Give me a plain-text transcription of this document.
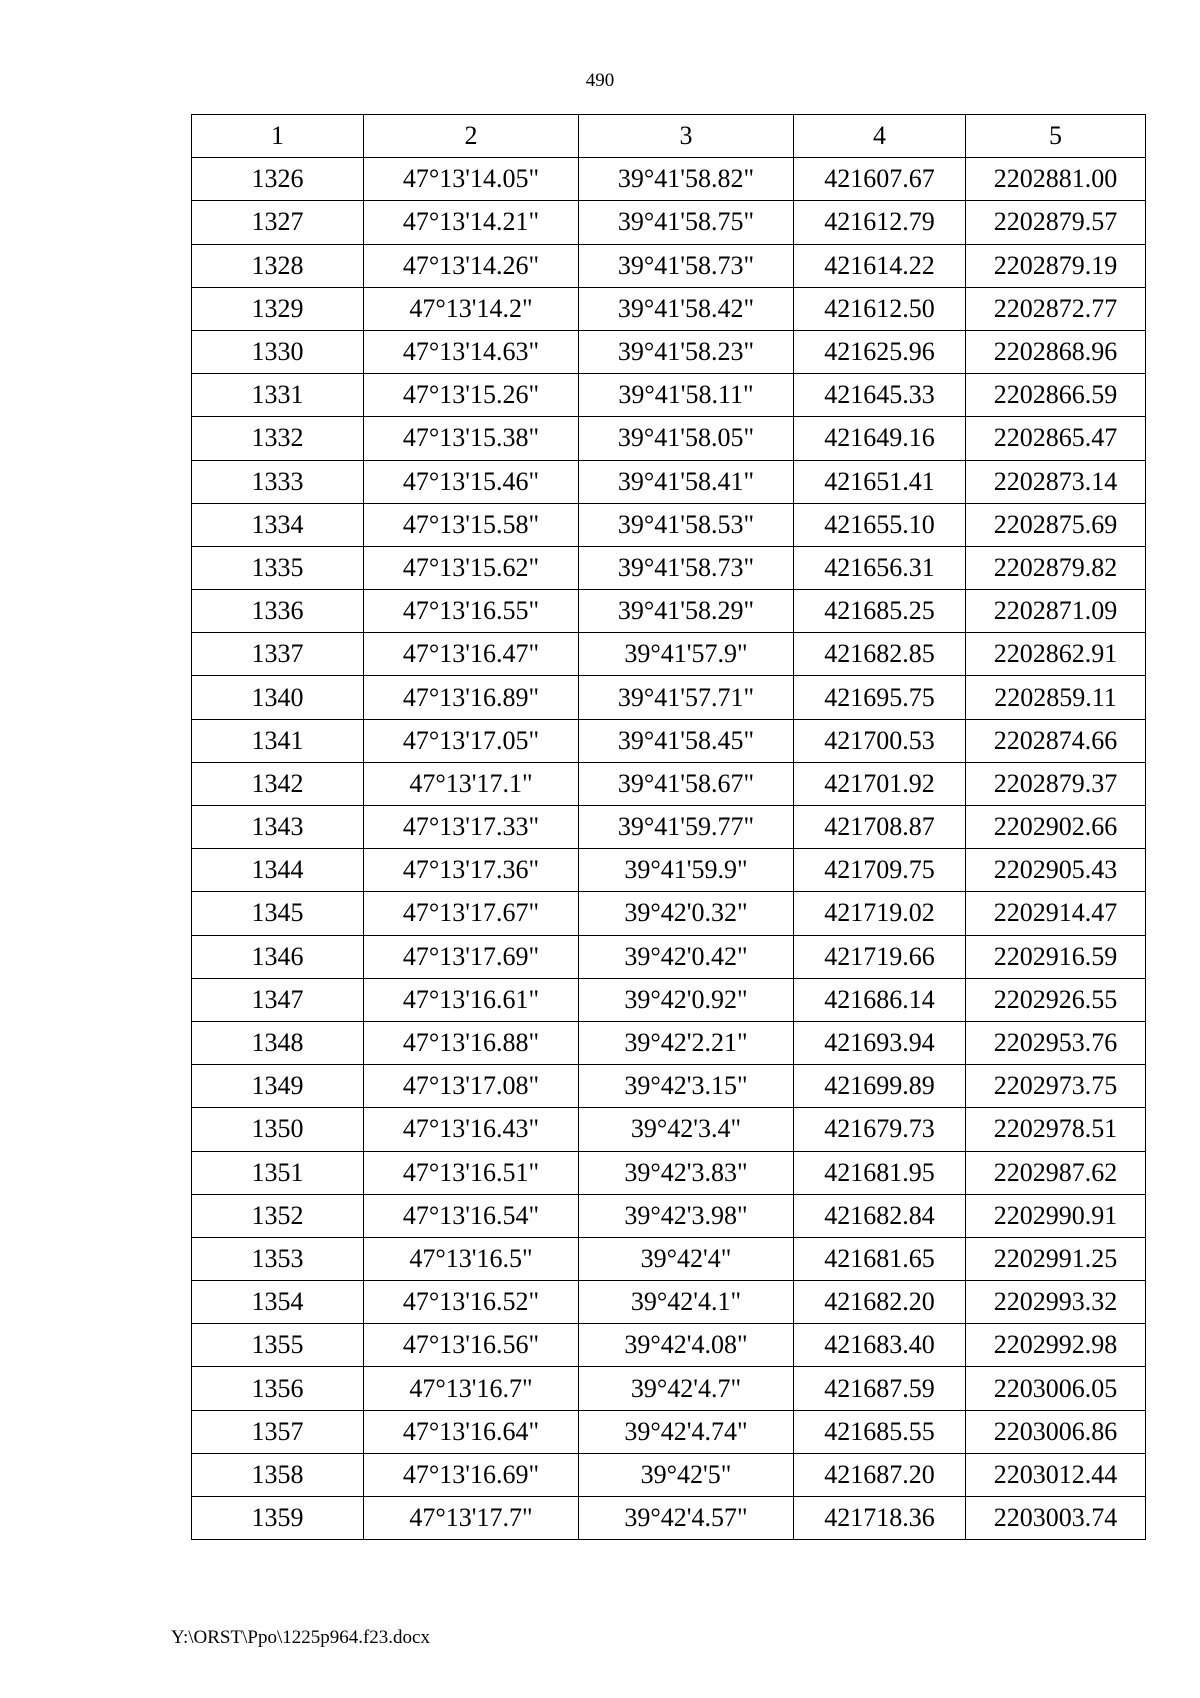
490
1	2	3	4	5
1326	47°13'14.05"	39°41'58.82"	421607.67	2202881.00
1327	47°13'14.21"	39°41'58.75"	421612.79	2202879.57
1328	47°13'14.26"	39°41'58.73"	421614.22	2202879.19
1329	47°13'14.2"	39°41'58.42"	421612.50	2202872.77
1330	47°13'14.63"	39°41'58.23"	421625.96	2202868.96
1331	47°13'15.26"	39°41'58.11"	421645.33	2202866.59
1332	47°13'15.38"	39°41'58.05"	421649.16	2202865.47
1333	47°13'15.46"	39°41'58.41"	421651.41	2202873.14
1334	47°13'15.58"	39°41'58.53"	421655.10	2202875.69
1335	47°13'15.62"	39°41'58.73"	421656.31	2202879.82
1336	47°13'16.55"	39°41'58.29"	421685.25	2202871.09
1337	47°13'16.47"	39°41'57.9"	421682.85	2202862.91
1340	47°13'16.89"	39°41'57.71"	421695.75	2202859.11
1341	47°13'17.05"	39°41'58.45"	421700.53	2202874.66
1342	47°13'17.1"	39°41'58.67"	421701.92	2202879.37
1343	47°13'17.33"	39°41'59.77"	421708.87	2202902.66
1344	47°13'17.36"	39°41'59.9"	421709.75	2202905.43
1345	47°13'17.67"	39°42'0.32"	421719.02	2202914.47
1346	47°13'17.69"	39°42'0.42"	421719.66	2202916.59
1347	47°13'16.61"	39°42'0.92"	421686.14	2202926.55
1348	47°13'16.88"	39°42'2.21"	421693.94	2202953.76
1349	47°13'17.08"	39°42'3.15"	421699.89	2202973.75
1350	47°13'16.43"	39°42'3.4"	421679.73	2202978.51
1351	47°13'16.51"	39°42'3.83"	421681.95	2202987.62
1352	47°13'16.54"	39°42'3.98"	421682.84	2202990.91
1353	47°13'16.5"	39°42'4"	421681.65	2202991.25
1354	47°13'16.52"	39°42'4.1"	421682.20	2202993.32
1355	47°13'16.56"	39°42'4.08"	421683.40	2202992.98
1356	47°13'16.7"	39°42'4.7"	421687.59	2203006.05
1357	47°13'16.64"	39°42'4.74"	421685.55	2203006.86
1358	47°13'16.69"	39°42'5"	421687.20	2203012.44
1359	47°13'17.7"	39°42'4.57"	421718.36	2203003.74
Y:\ORST\Ppo\1225p964.f23.docx
